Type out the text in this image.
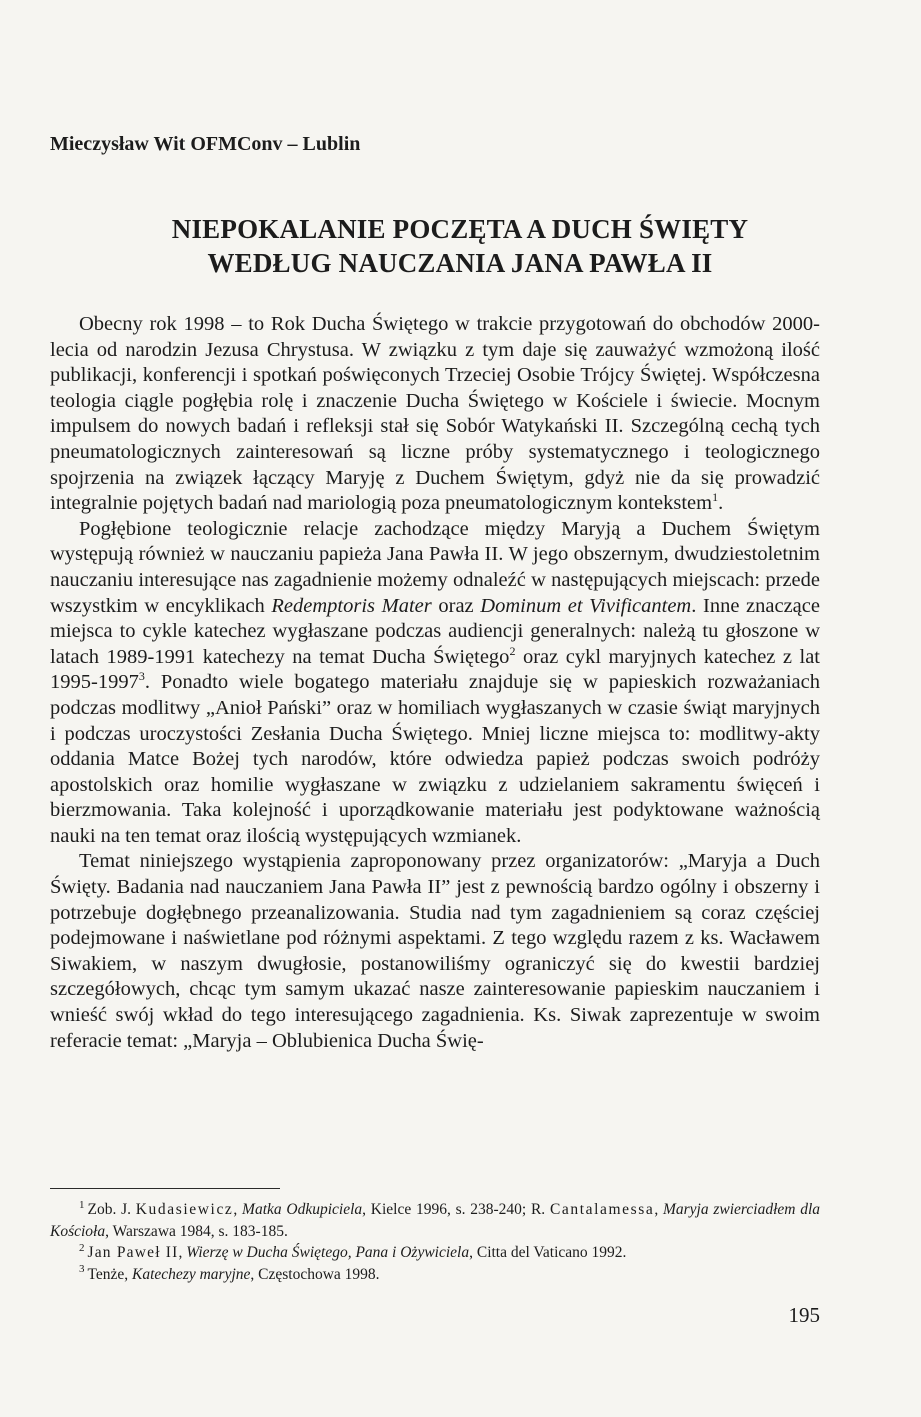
Mieczysław Wit OFMConv – Lublin

NIEPOKALANIE POCZĘTA A DUCH ŚWIĘTY
WEDŁUG NAUCZANIA JANA PAWŁA II

Obecny rok 1998 – to Rok Ducha Świętego w trakcie przygotowań do obchodów 2000-lecia od narodzin Jezusa Chrystusa. W związku z tym daje się zauważyć wzmożoną ilość publikacji, konferencji i spotkań poświęconych Trzeciej Osobie Trójcy Świętej. Współczesna teologia ciągle pogłębia rolę i znaczenie Ducha Świętego w Kościele i świecie. Mocnym impulsem do nowych badań i refleksji stał się Sobór Watykański II. Szczególną cechą tych pneumatologicznych zainteresowań są liczne próby systematycznego i teologicznego spojrzenia na związek łączący Maryję z Duchem Świętym, gdyż nie da się prowadzić integralnie pojętych badań nad mariologią poza pneumatologicznym kontekstem$^1$.

Pogłębione teologicznie relacje zachodzące między Maryją a Duchem Świętym występują również w nauczaniu papieża Jana Pawła II. W jego obszernym, dwudziestoletnim nauczaniu interesujące nas zagadnienie możemy odnaleźć w następujących miejscach: przede wszystkim w encyklikach Redemptoris Mater oraz Dominum et Vivificantem. Inne znaczące miejsca to cykle katechez wygłaszane podczas audiencji generalnych: należą tu głoszone w latach 1989-1991 katechezy na temat Ducha Świętego$^2$ oraz cykl maryjnych katechez z lat 1995-1997$^3$. Ponadto wiele bogatego materiału znajduje się w papieskich rozważaniach podczas modlitwy „Anioł Pański” oraz w homiliach wygłaszanych w czasie świąt maryjnych i podczas uroczystości Zesłania Ducha Świętego. Mniej liczne miejsca to: modlitwy-akty oddania Matce Bożej tych narodów, które odwiedza papież podczas swoich podróży apostolskich oraz homilie wygłaszane w związku z udzielaniem sakramentu święceń i bierzmowania. Taka kolejność i uporządkowanie materiału jest podyktowane ważnością nauki na ten temat oraz ilością występujących wzmianek.

Temat niniejszego wystąpienia zaproponowany przez organizatorów: „Maryja a Duch Święty. Badania nad nauczaniem Jana Pawła II” jest z pewnością bardzo ogólny i obszerny i potrzebuje dogłębnego przeanalizowania. Studia nad tym zagadnieniem są coraz częściej podejmowane i naświetlane pod różnymi aspektami. Z tego względu razem z ks. Wacławem Siwakiem, w naszym dwugłosie, postanowiliśmy ograniczyć się do kwestii bardziej szczegółowych, chcąc tym samym ukazać nasze zainteresowanie papieskim nauczaniem i wnieść swój wkład do tego interesującego zagadnienia. Ks. Siwak zaprezentuje w swoim referacie temat: „Maryja – Oblubienica Ducha Świę-

$^1$ Zob. J. Kudasiewicz, Matka Odkupiciela, Kielce 1996, s. 238-240; R. Cantalamessa, Maryja zwierciadłem dla Kościoła, Warszawa 1984, s. 183-185.

$^2$ Jan Paweł II, Wierzę w Ducha Świętego, Pana i Ożywiciela, Citta del Vaticano 1992.

$^3$ Tenże, Katechezy maryjne, Częstochowa 1998.

195
